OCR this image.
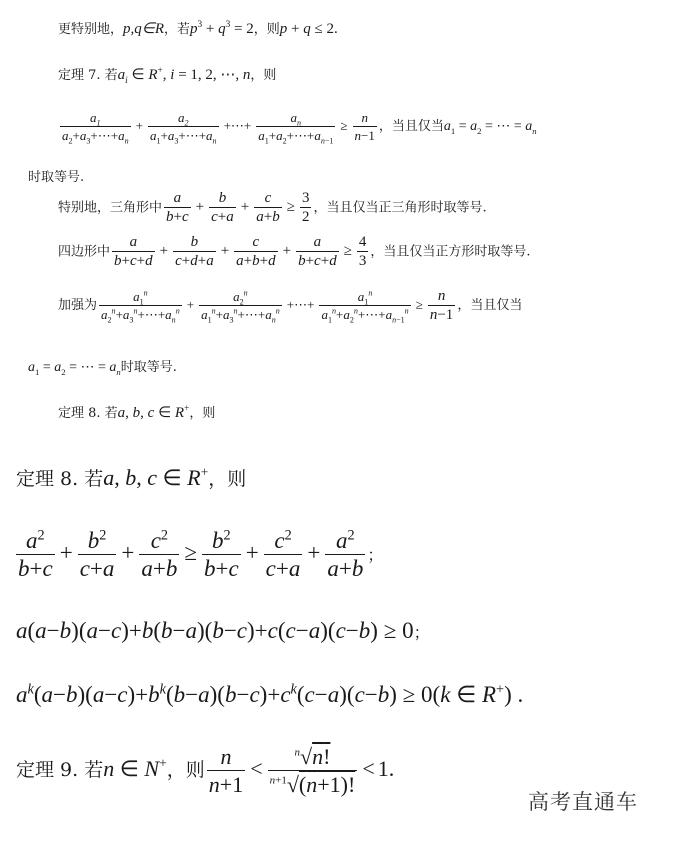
更特别地，p,q∈R，若$p^3 + q^3 = 2$，则p + q ≤ 2.
定理 7. 若$a_i$ ∈ R+, i = 1, 2, ⋯, n，则
$\frac{a_1}{a_2+a_3+\cdots+a_n} + \frac{a_2}{a_1+a_3+\cdots+a_n}$ +⋯+ $\frac{a_n}{a_1+a_2+\cdots+a_{n-1}} \ge \frac{n}{n-1}$ ，当且仅当$a_1 = a_2$ = ⋯ = $a_n$
时取等号.
特别地，三角形中 $\frac{a}{b+c} + \frac{b}{c+a} + \frac{c}{a+b} \ge \frac{3}{2}$ ，当且仅当正三角形时取等号.
四边形中 $\frac{a}{b+c+d} + \frac{b}{c+d+a} + \frac{c}{a+b+d} + \frac{a}{b+c+d} \ge \frac{4}{3}$ ，当且仅当正方形时取等号.
加强为
$a_1^n$
$a_2^n+a_3^n+\cdots+a_n^n$ +
$a_2^n$
$a_1^n+a_3^n+\cdots+a_n^n$ +⋯+ $\frac{a_1^n}{a_1^n+a_2^n+\cdots+a_{n-1}^n} \ge \frac{n}{n-1}$ ，当且仅当
$a_1 = a_2$ = ⋯ = $a_n$时取等号.
定理 8. 若a, b, c ∈ R+，则
定理 8. 若a, b, c ∈ R+，则
$\frac{a^2}{b+c} + \frac{b^2}{c+a} + \frac{c^2}{a+b} \ge \frac{b^2}{b+c} + \frac{c^2}{c+a} + \frac{a^2}{a+b}$ ；
a(a−b)(a−c)+b(b−a)(b−c)+c(c−a)(c−b) ≥ 0；
$a^k(a-b)(a-c)+b^k(b-a)(b-c)+c^k(c-a)(c-b) \ge 0(k$ ∈ R+) .
定理 9. 若n ∈ N+，则 $\frac{n}{n+1} < \frac{^n√n!}{^{n+1}√(n+1)!} < 1$.
高考直通车
